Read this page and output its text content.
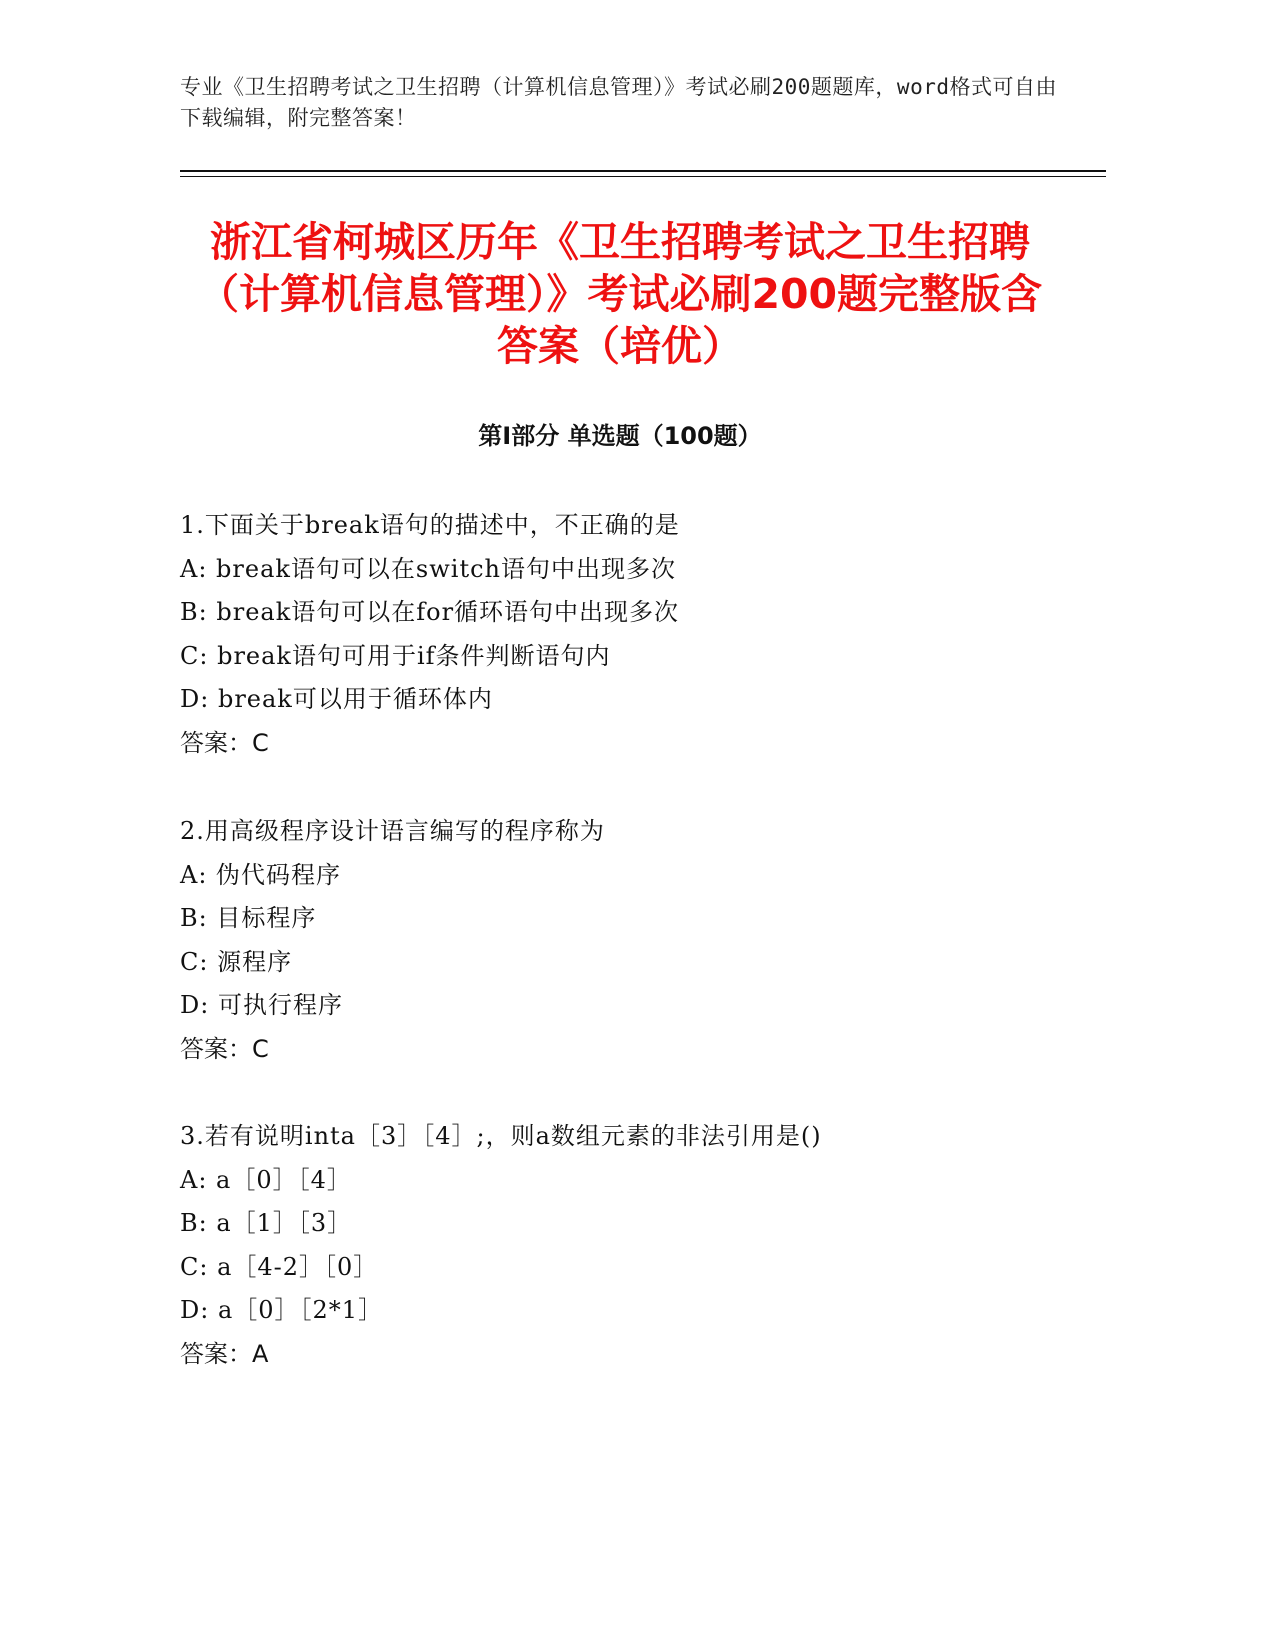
专业《卫生招聘考试之卫生招聘（计算机信息管理）》考试必刷200题题库，word格式可自由下载编辑，附完整答案！
浙江省柯城区历年《卫生招聘考试之卫生招聘（计算机信息管理）》考试必刷200题完整版含答案（培优）
第Ⅰ部分 单选题（100题）
1.下面关于break语句的描述中，不正确的是
A: break语句可以在switch语句中出现多次
B: break语句可以在for循环语句中出现多次
C: break语句可用于if条件判断语句内
D: break可以用于循环体内
答案：C
2.用高级程序设计语言编写的程序称为
A: 伪代码程序
B: 目标程序
C: 源程序
D: 可执行程序
答案：C
3.若有说明inta［3］［4］;，则a数组元素的非法引用是()
A: a［0］［4］
B: a［1］［3］
C: a［4-2］［0］
D: a［0］［2*1］
答案：A
